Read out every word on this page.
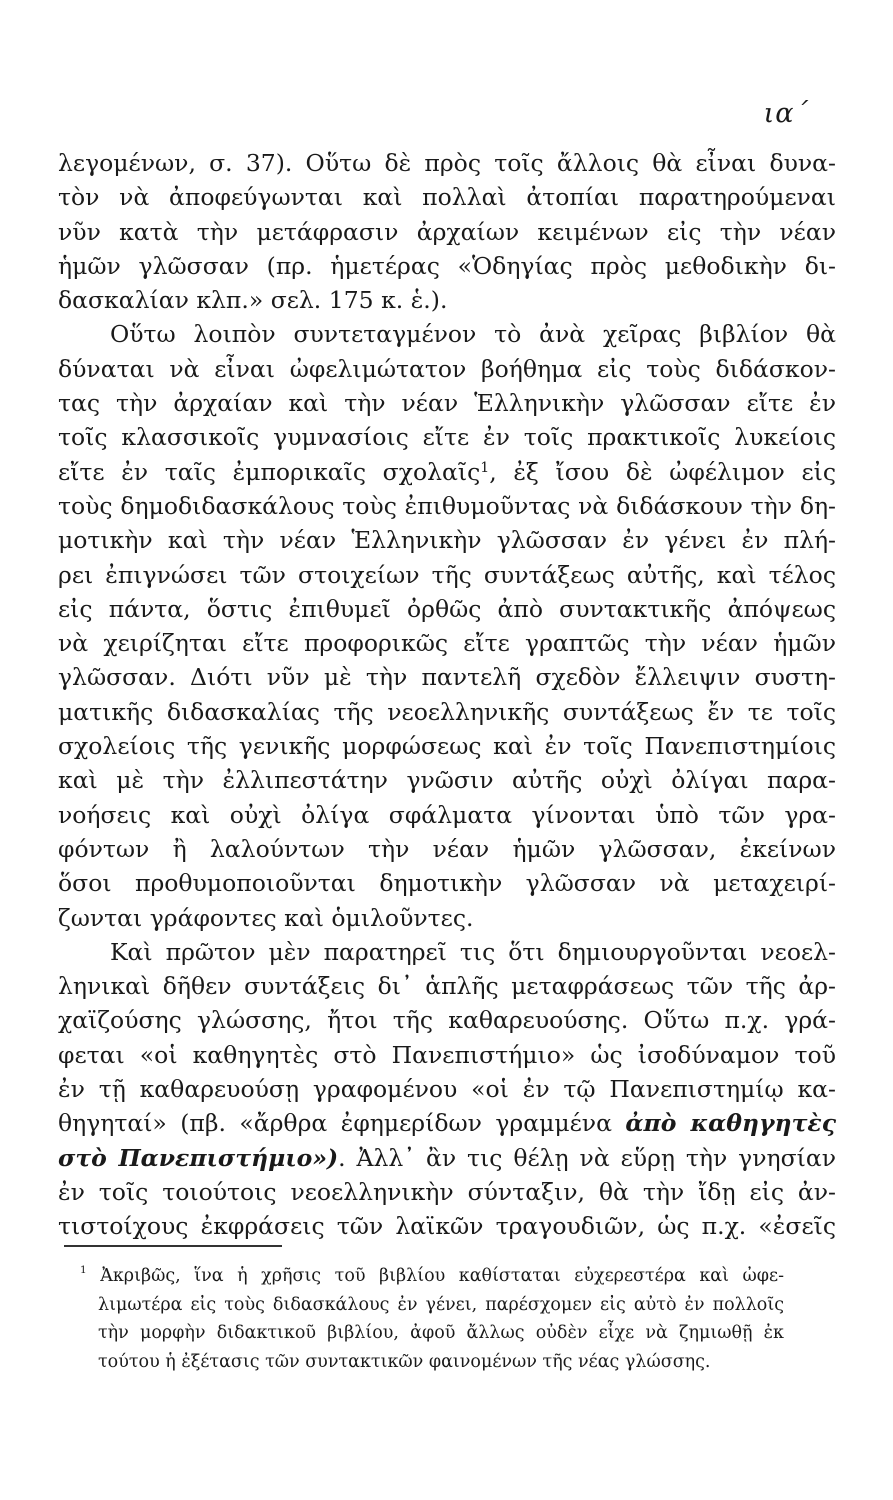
ια΄
λεγομένων, σ. 37). Οὕτω δὲ πρὸς τοῖς ἄλλοις θὰ εἶναι δυνα-
τὸν νὰ ἀποφεύγωνται καὶ πολλαὶ ἀτοπίαι παρατηρούμεναι
νῦν κατὰ τὴν μετάφρασιν ἀρχαίων κειμένων εἰς τὴν νέαν
ἡμῶν γλῶσσαν (πρ. ἡμετέρας «Ὁδηγίας πρὸς μεθοδικὴν δι-
δασκαλίαν κλπ.» σελ. 175 κ. ἑ.).
Οὕτω λοιπὸν συντεταγμένον τὸ ἀνὰ χεῖρας βιβλίον θὰ
δύναται νὰ εἶναι ὠφελιμώτατον βοήθημα εἰς τοὺς διδάσκον-
τας τὴν ἀρχαίαν καὶ τὴν νέαν Ἑλληνικὴν γλῶσσαν εἴτε ἐν
τοῖς κλασσικοῖς γυμνασίοις εἴτε ἐν τοῖς πρακτικοῖς λυκείοις
εἴτε ἐν ταῖς ἐμπορικαῖς σχολαῖς$^1$, ἐξ ἴσου δὲ ὠφέλιμον εἰς
τοὺς δημοδιδασκάλους τοὺς ἐπιθυμοῦντας νὰ διδάσκουν τὴν δη-
μοτικὴν καὶ τὴν νέαν Ἑλληνικὴν γλῶσσαν ἐν γένει ἐν πλή-
ρει ἐπιγνώσει τῶν στοιχείων τῆς συντάξεως αὐτῆς, καὶ τέλος
εἰς πάντα, ὅστις ἐπιθυμεῖ ὀρθῶς ἀπὸ συντακτικῆς ἀπόψεως
νὰ χειρίζηται εἴτε προφορικῶς εἴτε γραπτῶς τὴν νέαν ἡμῶν
γλῶσσαν. Διότι νῦν μὲ τὴν παντελῆ σχεδὸν ἔλλειψιν συστη-
ματικῆς διδασκαλίας τῆς νεοελληνικῆς συντάξεως ἔν τε τοῖς
σχολείοις τῆς γενικῆς μορφώσεως καὶ ἐν τοῖς Πανεπιστημίοις
καὶ μὲ τὴν ἐλλιπεστάτην γνῶσιν αὐτῆς οὐχὶ ὀλίγαι παρα-
νοήσεις καὶ οὐχὶ ὀλίγα σφάλματα γίνονται ὑπὸ τῶν γρα-
φόντων ἢ λαλούντων τὴν νέαν ἡμῶν γλῶσσαν, ἐκείνων
ὅσοι προθυμοποιοῦνται δημοτικὴν γλῶσσαν νὰ μεταχειρί-
ζωνται γράφοντες καὶ ὁμιλοῦντες.
Καὶ πρῶτον μὲν παρατηρεῖ τις ὅτι δημιουργοῦνται νεοελ-
ληνικαὶ δῆθεν συντάξεις δι᾽ ἁπλῆς μεταφράσεως τῶν τῆς ἀρ-
χαϊζούσης γλώσσης, ἤτοι τῆς καθαρευούσης. Οὕτω π.χ. γρά-
φεται «οἱ καθηγητὲς στὸ Πανεπιστήμιο» ὡς ἰσοδύναμον τοῦ
ἐν τῇ καθαρευούσῃ γραφομένου «οἱ ἐν τῷ Πανεπιστημίῳ κα-
θηγηταί» (πβ. «ἄρθρα ἐφημερίδων γραμμένα ἀπὸ καθηγητὲς
στὸ Πανεπιστήμιο»). Ἀλλ᾽ ἂν τις θέλῃ νὰ εὕρῃ τὴν γνησίαν
ἐν τοῖς τοιούτοις νεοελληνικὴν σύνταξιν, θὰ τὴν ἴδῃ εἰς ἀν-
τιστοίχους ἐκφράσεις τῶν λαϊκῶν τραγουδιῶν, ὡς π.χ. «ἐσεῖς
$^1$ Ἀκριβῶς, ἵνα ἡ χρῆσις τοῦ βιβλίου καθίσταται εὐχερεστέρα καὶ ὠφε-
λιμωτέρα εἰς τοὺς διδασκάλους ἐν γένει, παρέσχομεν εἰς αὐτὸ ἐν πολλοῖς
τὴν μορφὴν διδακτικοῦ βιβλίου, ἀφοῦ ἄλλως οὐδὲν εἶχε νὰ ζημιωθῇ ἐκ
τούτου ἡ ἐξέτασις τῶν συντακτικῶν φαινομένων τῆς νέας γλώσσης.
